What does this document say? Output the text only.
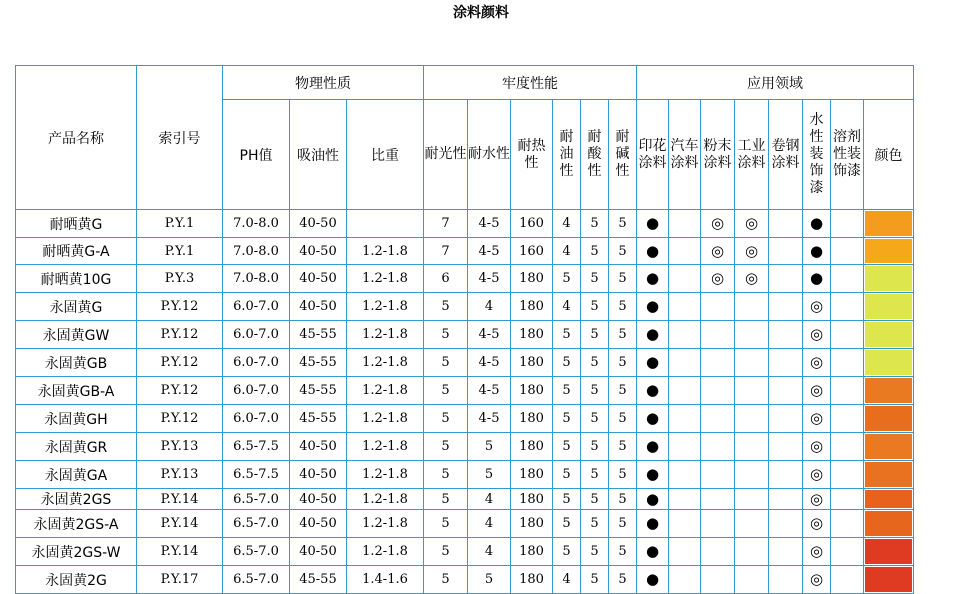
涂料颜料
产品名称	索引号	物理性质			牢度性能						应用领域							
		PH值	吸油性	比重	耐光性	耐水性	耐热性	耐油性	耐酸性	耐碱性	印花涂料	汽车涂料	粉末涂料	工业涂料	卷钢涂料	水性装饰漆	溶剂性装饰漆	颜色
耐晒黄G	P.Y.1	7.0-8.0	40-50		7	4-5	160	4	5	5	●		◎	◎		●		

耐晒黄G-A	P.Y.1	7.0-8.0	40-50	1.2-1.8	7	4-5	160	4	5	5	●		◎	◎		●		

耐晒黄10G	P.Y.3	7.0-8.0	40-50	1.2-1.8	6	4-5	180	5	5	5	●		◎	◎		●		

永固黄G	P.Y.12	6.0-7.0	40-50	1.2-1.8	5	4	180	4	5	5	●					◎		

永固黄GW	P.Y.12	6.0-7.0	45-55	1.2-1.8	5	4-5	180	5	5	5	●					◎		

永固黄GB	P.Y.12	6.0-7.0	45-55	1.2-1.8	5	4-5	180	5	5	5	●					◎		

永固黄GB-A	P.Y.12	6.0-7.0	45-55	1.2-1.8	5	4-5	180	5	5	5	●					◎		

永固黄GH	P.Y.12	6.0-7.0	45-55	1.2-1.8	5	4-5	180	5	5	5	●					◎		

永固黄GR	P.Y.13	6.5-7.5	40-50	1.2-1.8	5	5	180	5	5	5	●					◎		

永固黄GA	P.Y.13	6.5-7.5	40-50	1.2-1.8	5	5	180	5	5	5	●					◎		

永固黄2GS	P.Y.14	6.5-7.0	40-50	1.2-1.8	5	4	180	5	5	5	●					◎		

永固黄2GS-A	P.Y.14	6.5-7.0	40-50	1.2-1.8	5	4	180	5	5	5	●					◎		

永固黄2GS-W	P.Y.14	6.5-7.0	40-50	1.2-1.8	5	4	180	5	5	5	●					◎		

永固黄2G	P.Y.17	6.5-7.0	45-55	1.4-1.6	5	5	180	4	5	5	●					◎		
